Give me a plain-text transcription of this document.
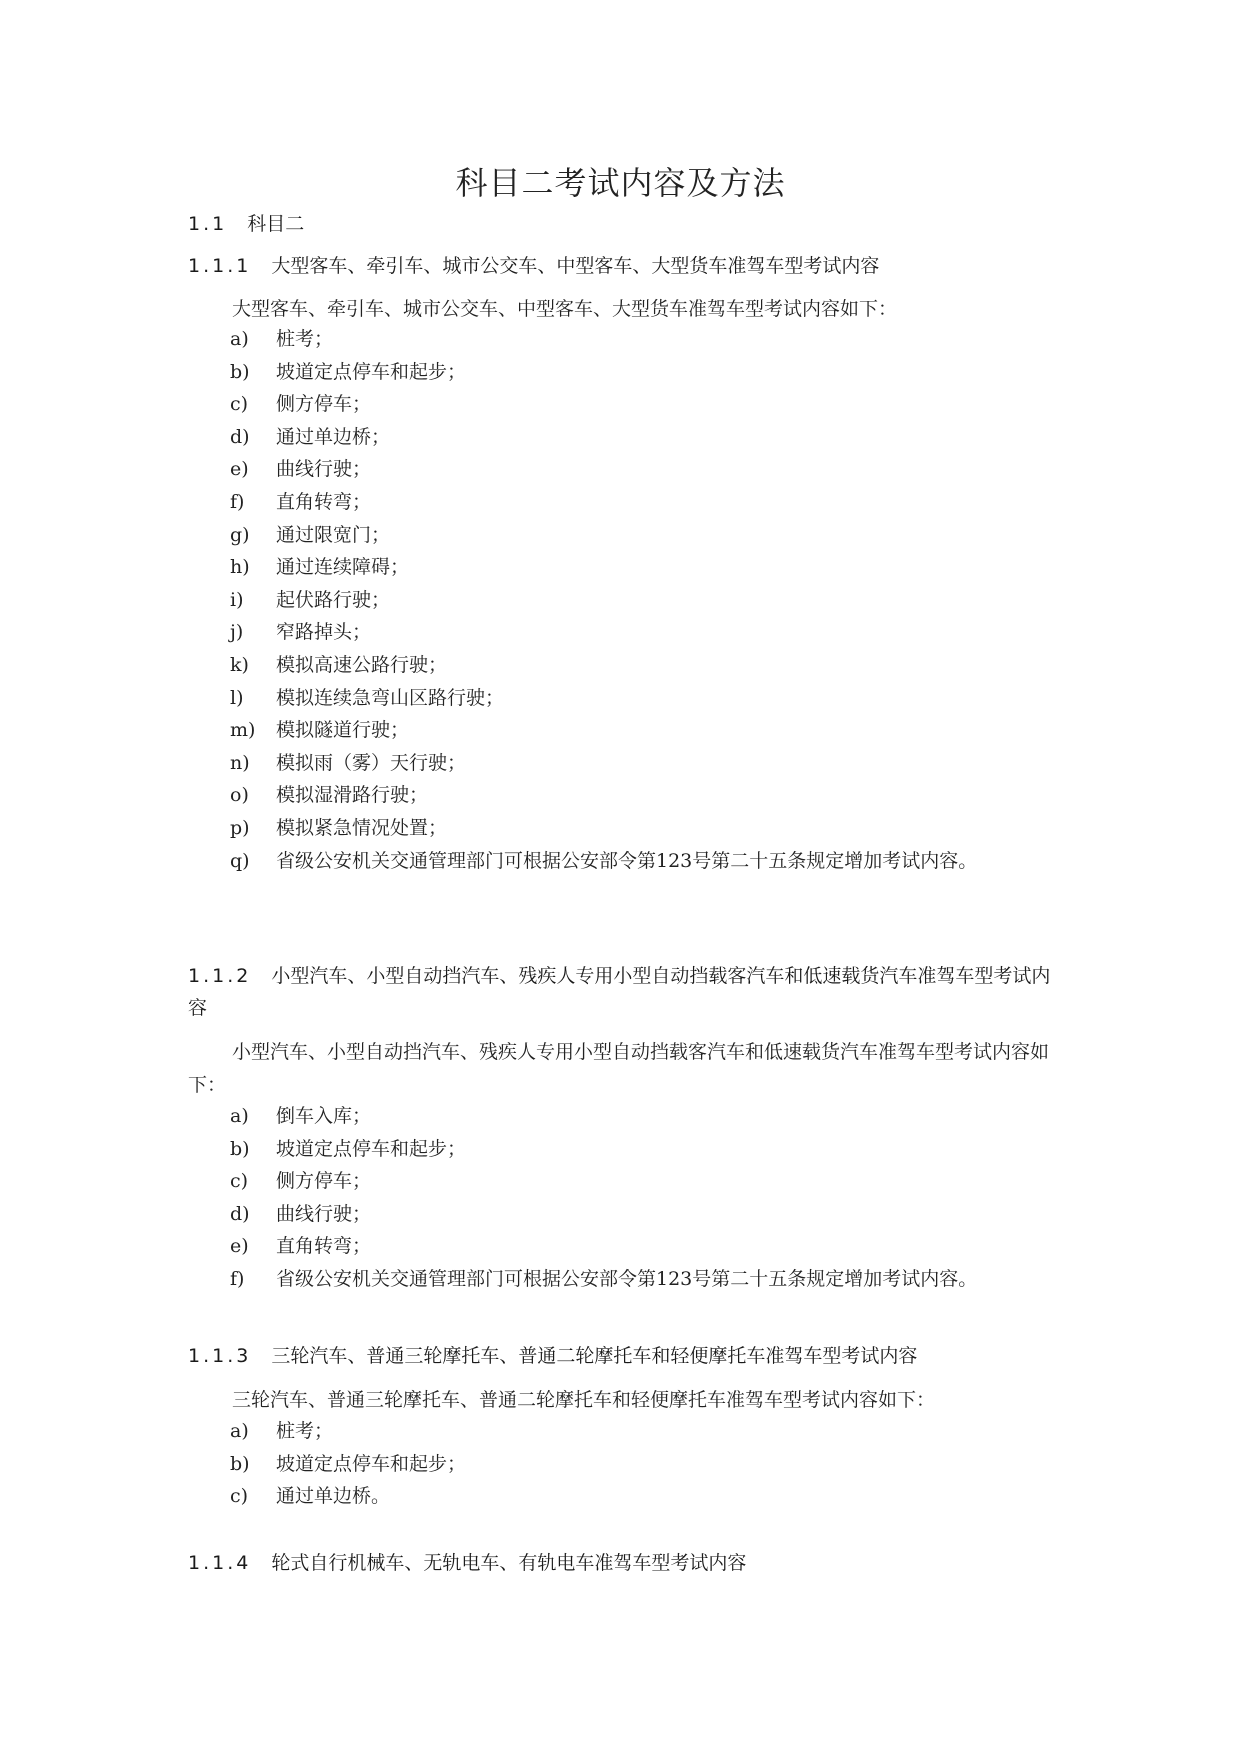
科目二考试内容及方法
1.1 科目二
1.1.1 大型客车、牵引车、城市公交车、中型客车、大型货车准驾车型考试内容
大型客车、牵引车、城市公交车、中型客车、大型货车准驾车型考试内容如下：
a)	桩考；
b)	坡道定点停车和起步；
c)	侧方停车；
d)	通过单边桥；
e)	曲线行驶；
f)	直角转弯；
g)	通过限宽门；
h)	通过连续障碍；
i)	起伏路行驶；
j)	窄路掉头；
k)	模拟高速公路行驶；
l)	模拟连续急弯山区路行驶；
m)	模拟隧道行驶；
n)	模拟雨（雾）天行驶；
o)	模拟湿滑路行驶；
p)	模拟紧急情况处置；
q)	省级公安机关交通管理部门可根据公安部令第123号第二十五条规定增加考试内容。
1.1.2 小型汽车、小型自动挡汽车、残疾人专用小型自动挡载客汽车和低速载货汽车准驾车型考试内容
小型汽车、小型自动挡汽车、残疾人专用小型自动挡载客汽车和低速载货汽车准驾车型考试内容如下：
a)	倒车入库；
b)	坡道定点停车和起步；
c)	侧方停车；
d)	曲线行驶；
e)	直角转弯；
f)	省级公安机关交通管理部门可根据公安部令第123号第二十五条规定增加考试内容。
1.1.3 三轮汽车、普通三轮摩托车、普通二轮摩托车和轻便摩托车准驾车型考试内容
三轮汽车、普通三轮摩托车、普通二轮摩托车和轻便摩托车准驾车型考试内容如下：
a)	桩考；
b)	坡道定点停车和起步；
c)	通过单边桥。
1.1.4 轮式自行机械车、无轨电车、有轨电车准驾车型考试内容
